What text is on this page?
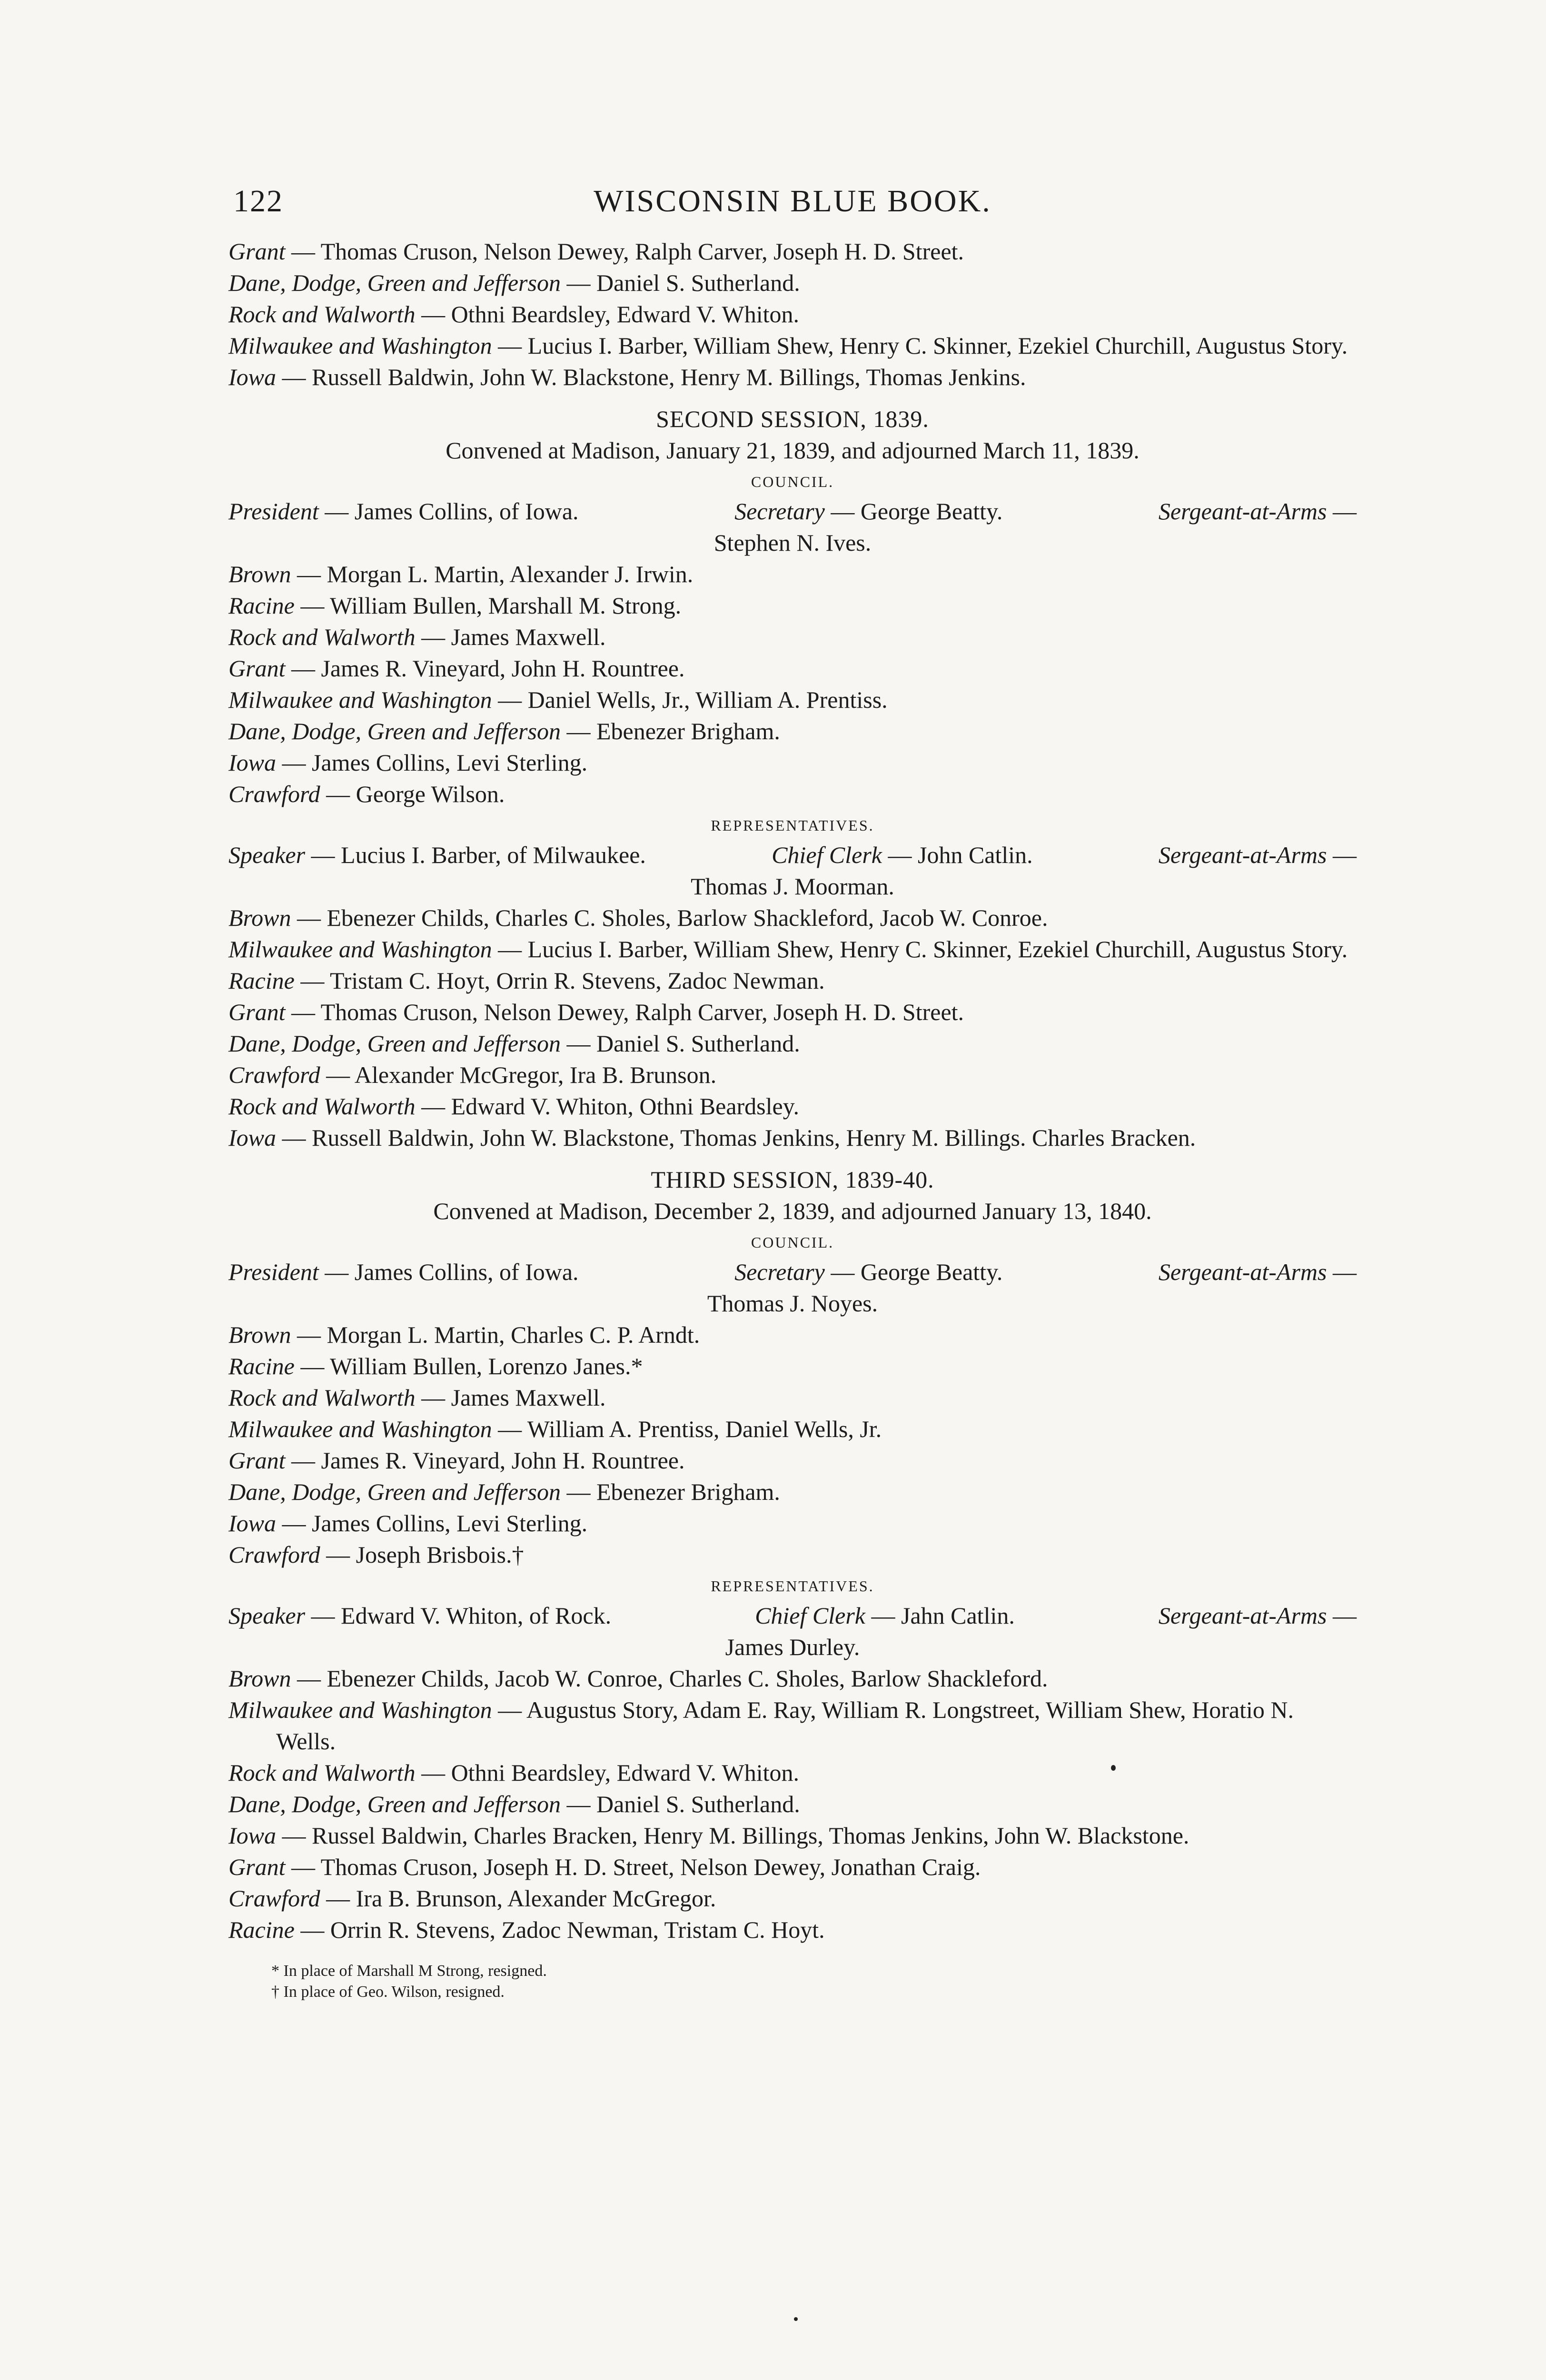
122	WISCONSIN BLUE BOOK.

Grant — Thomas Cruson, Nelson Dewey, Ralph Carver, Joseph H. D. Street.

Dane, Dodge, Green and Jefferson — Daniel S. Sutherland.

Rock and Walworth — Othni Beardsley, Edward V. Whiton.

Milwaukee and Washington — Lucius I. Barber, William Shew, Henry C. Skinner, Ezekiel Churchill, Augustus Story.

Iowa — Russell Baldwin, John W. Blackstone, Henry M. Billings, Thomas Jenkins.

SECOND SESSION, 1839.
Convened at Madison, January 21, 1839, and adjourned March 11, 1839.
COUNCIL.
President — James Collins, of Iowa.	Secretary — George Beatty.	Sergeant-at-Arms —
Stephen N. Ives.

Brown — Morgan L. Martin, Alexander J. Irwin.

Racine — William Bullen, Marshall M. Strong.

Rock and Walworth — James Maxwell.

Grant — James R. Vineyard, John H. Rountree.

Milwaukee and Washington — Daniel Wells, Jr., William A. Prentiss.

Dane, Dodge, Green and Jefferson — Ebenezer Brigham.

Iowa — James Collins, Levi Sterling.

Crawford — George Wilson.

REPRESENTATIVES.
Speaker — Lucius I. Barber, of Milwaukee.	Chief Clerk — John Catlin.	Sergeant-at-Arms —
Thomas J. Moorman.

Brown — Ebenezer Childs, Charles C. Sholes, Barlow Shackleford, Jacob W. Conroe.

Milwaukee and Washington — Lucius I. Barber, William Shew, Henry C. Skinner, Ezekiel Churchill, Augustus Story.

Racine — Tristam C. Hoyt, Orrin R. Stevens, Zadoc Newman.

Grant — Thomas Cruson, Nelson Dewey, Ralph Carver, Joseph H. D. Street.

Dane, Dodge, Green and Jefferson — Daniel S. Sutherland.

Crawford — Alexander McGregor, Ira B. Brunson.

Rock and Walworth — Edward V. Whiton, Othni Beardsley.

Iowa — Russell Baldwin, John W. Blackstone, Thomas Jenkins, Henry M. Billings. Charles Bracken.

THIRD SESSION, 1839-40.
Convened at Madison, December 2, 1839, and adjourned January 13, 1840.
COUNCIL.
President — James Collins, of Iowa.	Secretary — George Beatty.	Sergeant-at-Arms —
Thomas J. Noyes.

Brown — Morgan L. Martin, Charles C. P. Arndt.

Racine — William Bullen, Lorenzo Janes.*

Rock and Walworth — James Maxwell.

Milwaukee and Washington — William A. Prentiss, Daniel Wells, Jr.

Grant — James R. Vineyard, John H. Rountree.

Dane, Dodge, Green and Jefferson — Ebenezer Brigham.

Iowa — James Collins, Levi Sterling.

Crawford — Joseph Brisbois.†

REPRESENTATIVES.
Speaker — Edward V. Whiton, of Rock.	Chief Clerk — Jahn Catlin.	Sergeant-at-Arms —
James Durley.

Brown — Ebenezer Childs, Jacob W. Conroe, Charles C. Sholes, Barlow Shackleford.

Milwaukee and Washington — Augustus Story, Adam E. Ray, William R. Longstreet, William Shew, Horatio N. Wells.

Rock and Walworth — Othni Beardsley, Edward V. Whiton.

Dane, Dodge, Green and Jefferson — Daniel S. Sutherland.

Iowa — Russel Baldwin, Charles Bracken, Henry M. Billings, Thomas Jenkins, John W. Blackstone.

Grant — Thomas Cruson, Joseph H. D. Street, Nelson Dewey, Jonathan Craig.

Crawford — Ira B. Brunson, Alexander McGregor.

Racine — Orrin R. Stevens, Zadoc Newman, Tristam C. Hoyt.

* In place of Marshall M Strong, resigned.
† In place of Geo. Wilson, resigned.
